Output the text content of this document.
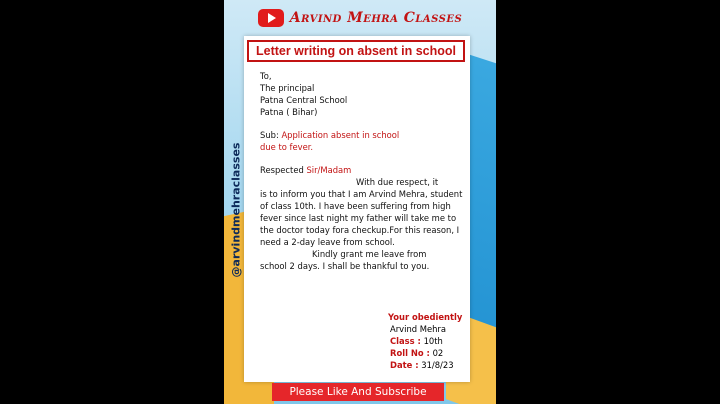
Arvind Mehra Classes
@arvindmehraclasses
Letter writing on absent in school
To,
The principal
Patna Central School
Patna ( Bihar)
Sub: Application absent in school
due to fever.
Respected Sir/Madam
With due respect, it
is to inform you that I am Arvind Mehra, student of class 10th. I have been suffering from high fever since last night my father will take me to the doctor today fora checkup.For this reason, I need a 2-day leave from school.
Kindly grant me leave from
school 2 days. I shall be thankful to you.
Your obediently
Arvind Mehra
Class : 10th
Roll No : 02
Date : 31/8/23
Please Like And Subscribe
